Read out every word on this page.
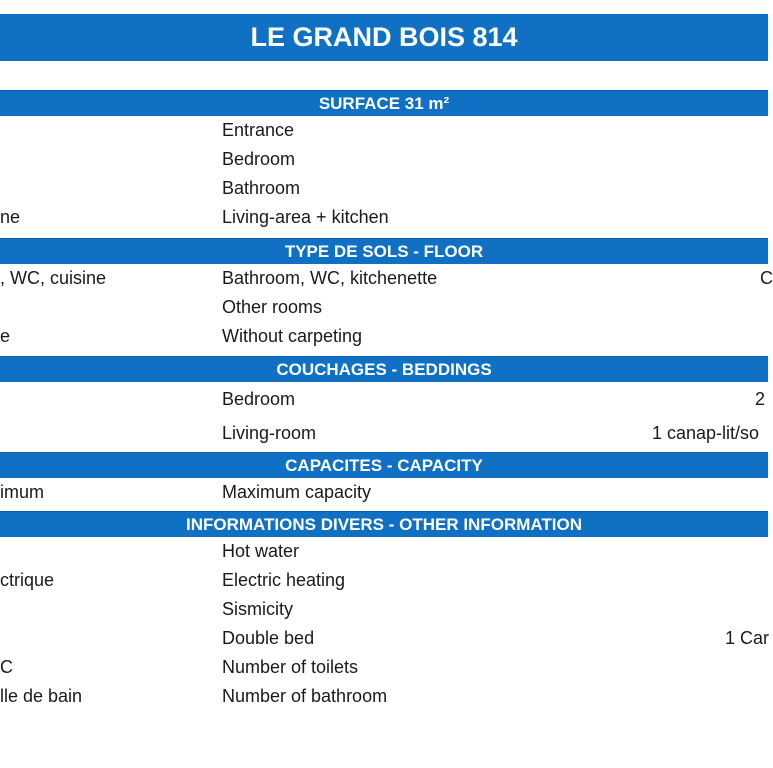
LE GRAND BOIS 814
SURFACE 31 m²
Entrance
Bedroom
Bathroom
ne	Living-area + kitchen
TYPE DE SOLS - FLOOR
, WC, cuisine	Bathroom, WC, kitchenette	C
Other rooms
e	Without carpeting
COUCHAGES - BEDDINGS
Bedroom	2
Living-room	1 canap-lit/so
CAPACITES - CAPACITY
imum	Maximum capacity
INFORMATIONS DIVERS - OTHER INFORMATION
Hot water
ctrique	Electric heating
Sismicity
Double bed	1 Car
C	Number of toilets
lle de bain	Number of bathroom
